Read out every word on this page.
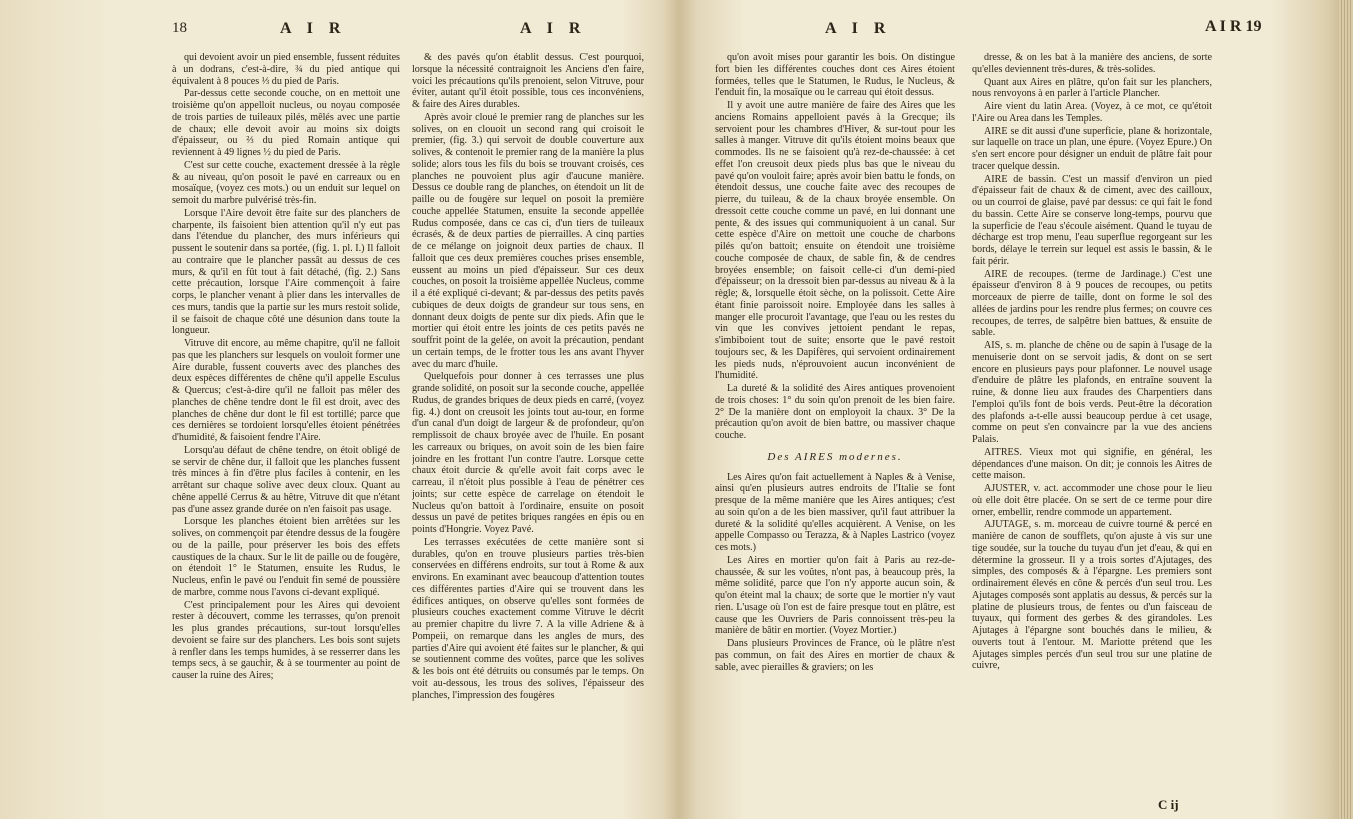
18	A I R	A I R

qui devoient avoir un pied ensemble, fussent réduites à un dodrans, c'est-à-dire, ¾ du pied antique qui équivalent à 8 pouces ⅓ du pied de Paris.

Par-dessus cette seconde couche, on en mettoit une troisième qu'on appelloit nucleus, ou noyau composée de trois parties de tuileaux pilés, mêlés avec une partie de chaux; elle devoit avoir au moins six doigts d'épaisseur, ou ⅔ du pied Romain antique qui reviennent à 49 lignes ½ du pied de Paris.

C'est sur cette couche, exactement dressée à la règle & au niveau, qu'on posoit le pavé en carreaux ou en mosaïque, (voyez ces mots.) ou un enduit sur lequel on semoit du marbre pulvérisé très-fin.

Lorsque l'Aire devoit être faite sur des planchers de charpente, ils faisoient bien attention qu'il n'y eut pas dans l'étendue du plancher, des murs inférieurs qui pussent le soutenir dans sa portée, (fig. 1. pl. I.) Il falloit au contraire que le plancher passât au dessus de ces murs, & qu'il en fût tout à fait détaché, (fig. 2.) Sans cette précaution, lorsque l'Aire commençoit à faire corps, le plancher venant à plier dans les intervalles de ces murs, tandis que la partie sur les murs restoit solide, il se faisoit de chaque côté une désunion dans toute la longueur.

Vitruve dit encore, au même chapitre, qu'il ne falloit pas que les planchers sur lesquels on vouloit former une Aire durable, fussent couverts avec des planches des deux espèces différentes de chêne qu'il appelle Esculus & Quercus; c'est-à-dire qu'il ne falloit pas mêler des planches de chêne tendre dont le fil est droit, avec des planches de chêne dur dont le fil est tortillé; parce que ces dernières se tordoient lorsqu'elles étoient pénétrées d'humidité, & faisoient fendre l'Aire.

Lorsqu'au défaut de chêne tendre, on étoit obligé de se servir de chêne dur, il falloit que les planches fussent très minces à fin d'être plus faciles à contenir, en les arrêtant sur chaque solive avec deux cloux. Quant au chêne appellé Cerrus & au hêtre, Vitruve dit que n'étant pas d'une assez grande durée on n'en faisoit pas usage.

Lorsque les planches étoient bien arrêtées sur les solives, on commençoit par étendre dessus de la fougère ou de la paille, pour préserver les bois des effets caustiques de la chaux. Sur le lit de paille ou de fougère, on étendoit 1° le Statumen, ensuite les Rudus, le Nucleus, enfin le pavé ou l'enduit fin semé de poussière de marbre, comme nous l'avons ci-devant expliqué.

C'est principalement pour les Aires qui devoient rester à découvert, comme les terrasses, qu'on prenoit les plus grandes précautions, sur-tout lorsqu'elles devoient se faire sur des planchers. Les bois sont sujets à renfler dans les temps humides, à se resserrer dans les temps secs, à se gauchir, & à se tourmenter au point de causer la ruine des Aires;

& des pavés qu'on établit dessus. C'est pourquoi, lorsque la nécessité contraignoit les Anciens d'en faire, voici les précautions qu'ils prenoient, selon Vitruve, pour éviter, autant qu'il étoit possible, tous ces inconvéniens, & faire des Aires durables.

Après avoir cloué le premier rang de planches sur les solives, on en clouoit un second rang qui croisoit le premier, (fig. 3.) qui servoit de double couverture aux solives, & contenoit le premier rang de la manière la plus solide; alors tous les fils du bois se trouvant croisés, ces planches ne pouvoient plus agir d'aucune manière. Dessus ce double rang de planches, on étendoit un lit de paille ou de fougère sur lequel on posoit la première couche appellée Statumen, ensuite la seconde appellée Rudus composée, dans ce cas ci, d'un tiers de tuileaux écrasés, & de deux parties de pierrailles. A cinq parties de ce mélange on joignoit deux parties de chaux. Il falloit que ces deux premières couches prises ensemble, eussent au moins un pied d'épaisseur. Sur ces deux couches, on posoit la troisième appellée Nucleus, comme il a été expliqué ci-devant; & par-dessus des petits pavés cubiques de deux doigts de grandeur sur tous sens, en donnant deux doigts de pente sur dix pieds. Afin que le mortier qui étoit entre les joints de ces petits pavés ne souffrit point de la gelée, on avoit la précaution, pendant un certain temps, de le frotter tous les ans avant l'hyver avec du marc d'huile.

Quelquefois pour donner à ces terrasses une plus grande solidité, on posoit sur la seconde couche, appellée Rudus, de grandes briques de deux pieds en carré, (voyez fig. 4.) dont on creusoit les joints tout au-tour, en forme d'un canal d'un doigt de largeur & de profondeur, qu'on remplissoit de chaux broyée avec de l'huile. En posant les carreaux ou briques, on avoit soin de les bien faire joindre en les frottant l'un contre l'autre. Lorsque cette chaux étoit durcie & qu'elle avoit fait corps avec le carreau, il n'étoit plus possible à l'eau de pénétrer ces joints; sur cette espèce de carrelage on étendoit le Nucleus qu'on battoit à l'ordinaire, ensuite on posoit dessus un pavé de petites briques rangées en épis ou en points d'Hongrie. Voyez Pavé.

Les terrasses exécutées de cette manière sont si durables, qu'on en trouve plusieurs parties très-bien conservées en différens endroits, sur tout à Rome & aux environs. En examinant avec beaucoup d'attention toutes ces différentes parties d'Aire qui se trouvent dans les édifices antiques, on observe qu'elles sont formées de plusieurs couches exactement comme Vitruve le décrit au premier chapitre du livre 7. A la ville Adriene & à Pompeii, on remarque dans les angles de murs, des parties d'Aire qui avoient été faites sur le plancher, & qui se soutiennent comme des voûtes, parce que les solives & les bois ont été détruits ou consumés par le temps. On voit au-dessous, les trous des solives, l'épaisseur des planches, l'impression des fougères

A I R	A I R 19

qu'on avoit mises pour garantir les bois. On distingue fort bien les différentes couches dont ces Aires étoient formées, telles que le Statumen, le Rudus, le Nucleus, & l'enduit fin, la mosaïque ou le carreau qui étoit dessus.

Il y avoit une autre manière de faire des Aires que les anciens Romains appelloient pavés à la Grecque; ils servoient pour les chambres d'Hiver, & sur-tout pour les salles à manger. Vitruve dit qu'ils étoient moins beaux que commodes. Ils ne se faisoient qu'à rez-de-chaussée: à cet effet l'on creusoit deux pieds plus bas que le niveau du pavé qu'on vouloit faire; après avoir bien battu le fonds, on étendoit dessus, une couche faite avec des recoupes de pierre, du tuileau, & de la chaux broyée ensemble. On dressoit cette couche comme un pavé, en lui donnant une pente, & des issues qui communiquoient à un canal. Sur cette espèce d'Aire on mettoit une couche de charbons pilés qu'on battoit; ensuite on étendoit une troisième couche composée de chaux, de sable fin, & de cendres broyées ensemble; on faisoit celle-ci d'un demi-pied d'épaisseur; on la dressoit bien par-dessus au niveau & à la règle; &, lorsquelle étoit sèche, on la polissoit. Cette Aire étant finie paroissoit noire. Employée dans les salles à manger elle procuroit l'avantage, que l'eau ou les restes du vin que les convives jettoient pendant le repas, s'imbiboient tout de suite; ensorte que le pavé restoit toujours sec, & les Dapifères, qui servoient ordinairement les pieds nuds, n'éprouvoient aucun inconvénient de l'humidité.

La dureté & la solidité des Aires antiques provenoient de trois choses: 1° du soin qu'on prenoit de les bien faire. 2° De la manière dont on employoit la chaux. 3° De la précaution qu'on avoit de bien battre, ou massiver chaque couche.

Des AIRES modernes.

Les Aires qu'on fait actuellement à Naples & à Venise, ainsi qu'en plusieurs autres endroits de l'Italie se font presque de la même manière que les Aires antiques; c'est au soin qu'on a de les bien massiver, qu'il faut attribuer la dureté & la solidité qu'elles acquièrent. A Venise, on les appelle Compasso ou Terazza, & à Naples Lastrico (voyez ces mots.)

Les Aires en mortier qu'on fait à Paris au rez-de-chaussée, & sur les voûtes, n'ont pas, à beaucoup près, la même solidité, parce que l'on n'y apporte aucun soin, & qu'on éteint mal la chaux; de sorte que le mortier n'y vaut rien. L'usage où l'on est de faire presque tout en plâtre, est cause que les Ouvriers de Paris connoissent très-peu la manière de bâtir en mortier. (Voyez Mortier.)

Dans plusieurs Provinces de France, où le plâtre n'est pas commun, on fait des Aires en mortier de chaux & sable, avec pierailles & graviers; on les

dresse, & on les bat à la manière des anciens, de sorte qu'elles deviennent très-dures, & très-solides.

Quant aux Aires en plâtre, qu'on fait sur les planchers, nous renvoyons à en parler à l'article Plancher.

Aire vient du latin Area. (Voyez, à ce mot, ce qu'étoit l'Aire ou Area dans les Temples.

AIRE se dit aussi d'une superficie, plane & horizontale, sur laquelle on trace un plan, une épure. (Voyez Epure.) On s'en sert encore pour désigner un enduit de plâtre fait pour tracer quelque dessin.

AIRE de bassin. C'est un massif d'environ un pied d'épaisseur fait de chaux & de ciment, avec des cailloux, ou un courroi de glaise, pavé par dessus: ce qui fait le fond du bassin. Cette Aire se conserve long-temps, pourvu que la superficie de l'eau s'écoule aisément. Quand le tuyau de décharge est trop menu, l'eau superflue regorgeant sur les bords, délaye le terrein sur lequel est assis le bassin, & le fait périr.

AIRE de recoupes. (terme de Jardinage.) C'est une épaisseur d'environ 8 à 9 pouces de recoupes, ou petits morceaux de pierre de taille, dont on forme le sol des allées de jardins pour les rendre plus fermes; on couvre ces recoupes, de terres, de salpêtre bien battues, & ensuite de sable.

AIS, s. m. planche de chêne ou de sapin à l'usage de la menuiserie dont on se servoit jadis, & dont on se sert encore en plusieurs pays pour plafonner. Le nouvel usage d'enduire de plâtre les plafonds, en entraîne souvent la ruine, & donne lieu aux fraudes des Charpentiers dans l'emploi qu'ils font de bois verds. Peut-être la décoration des plafonds a-t-elle aussi beaucoup perdue à cet usage, comme on peut s'en convaincre par la vue des anciens Palais.

AITRES. Vieux mot qui signifie, en général, les dépendances d'une maison. On dit; je connois les Aitres de cette maison.

AJUSTER, v. act. accommoder une chose pour le lieu où elle doit être placée. On se sert de ce terme pour dire orner, embellir, rendre commode un appartement.

AJUTAGE, s. m. morceau de cuivre tourné & percé en manière de canon de soufflets, qu'on ajuste à vis sur une tige soudée, sur la touche du tuyau d'un jet d'eau, & qui en détermine la grosseur. Il y a trois sortes d'Ajutages, des simples, des composés & à l'épargne. Les premiers sont ordinairement élevés en cône & percés d'un seul trou. Les Ajutages composés sont applatis au dessus, & percés sur la platine de plusieurs trous, de fentes ou d'un faisceau de tuyaux, qui forment des gerbes & des girandoles. Les Ajutages à l'épargne sont bouchés dans le milieu, & ouverts tout à l'entour. M. Mariotte prétend que les Ajutages simples percés d'un seul trou sur une platine de cuivre,

C ij
